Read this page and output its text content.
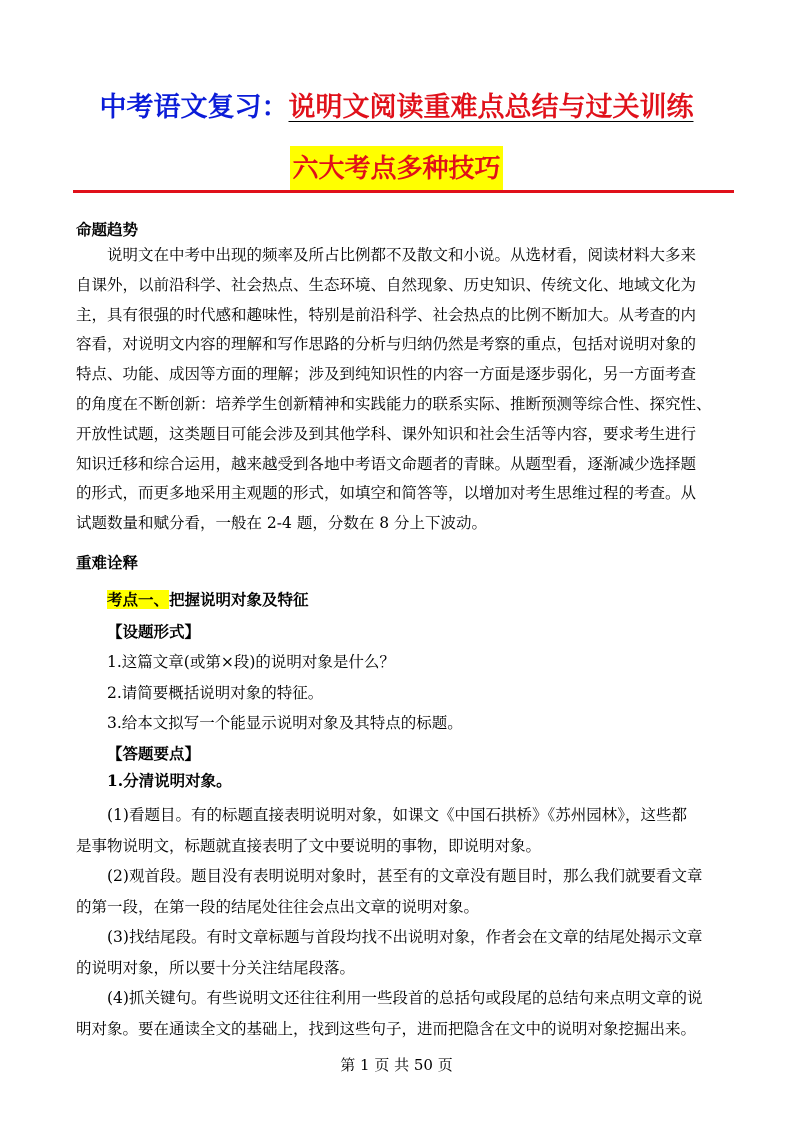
中考语文复习：说明文阅读重难点总结与过关训练
六大考点多种技巧
命题趋势
　　说明文在中考中出现的频率及所占比例都不及散文和小说。从选材看，阅读材料大多来
自课外，以前沿科学、社会热点、生态环境、自然现象、历史知识、传统文化、地域文化为
主，具有很强的时代感和趣味性，特别是前沿科学、社会热点的比例不断加大。从考查的内
容看，对说明文内容的理解和写作思路的分析与归纳仍然是考察的重点，包括对说明对象的
特点、功能、成因等方面的理解；涉及到纯知识性的内容一方面是逐步弱化，另一方面考查
的角度在不断创新：培养学生创新精神和实践能力的联系实际、推断预测等综合性、探究性、
开放性试题，这类题目可能会涉及到其他学科、课外知识和社会生活等内容，要求考生进行
知识迁移和综合运用，越来越受到各地中考语文命题者的青睐。从题型看，逐渐减少选择题
的形式，而更多地采用主观题的形式，如填空和简答等，以增加对考生思维过程的考查。从
试题数量和赋分看，一般在 2-4 题，分数在 8 分上下波动。
重难诠释
考点一、把握说明对象及特征
【设题形式】
1.这篇文章(或第×段)的说明对象是什么？
2.请简要概括说明对象的特征。
3.给本文拟写一个能显示说明对象及其特点的标题。
【答题要点】
1.分清说明对象。
　　(1)看题目。有的标题直接表明说明对象，如课文《中国石拱桥》《苏州园林》，这些都
是事物说明文，标题就直接表明了文中要说明的事物，即说明对象。
　　(2)观首段。题目没有表明说明对象时，甚至有的文章没有题目时，那么我们就要看文章
的第一段，在第一段的结尾处往往会点出文章的说明对象。
　　(3)找结尾段。有时文章标题与首段均找不出说明对象，作者会在文章的结尾处揭示文章
的说明对象，所以要十分关注结尾段落。
　　(4)抓关键句。有些说明文还往往利用一些段首的总括句或段尾的总结句来点明文章的说
明对象。要在通读全文的基础上，找到这些句子，进而把隐含在文中的说明对象挖掘出来。
第 1 页 共 50 页
